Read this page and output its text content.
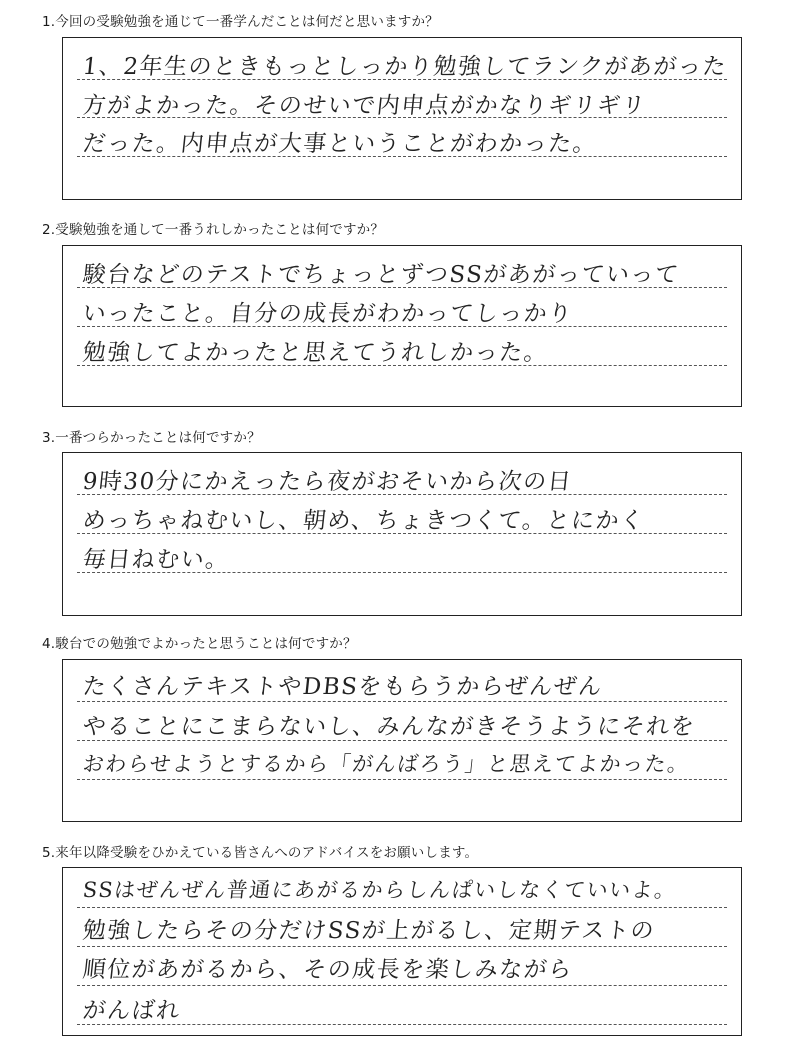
1.今回の受験勉強を通じて一番学んだことは何だと思いますか？
1、2年生のときもっとしっかり勉強してランクがあがった
方がよかった。そのせいで内申点がかなりギリギリ
だった。内申点が大事ということがわかった。
2.受験勉強を通して一番うれしかったことは何ですか？
駿台などのテストでちょっとずつSSがあがっていって
いったこと。自分の成長がわかってしっかり
勉強してよかったと思えてうれしかった。
3.一番つらかったことは何ですか？
9時30分にかえったら夜がおそいから次の日
めっちゃねむいし、朝め、ちょきつくて。とにかく
毎日ねむい。
4.駿台での勉強でよかったと思うことは何ですか？
たくさんテキストやDBSをもらうからぜんぜん
やることにこまらないし、みんながきそうようにそれを
おわらせようとするから「がんばろう」と思えてよかった。
5.来年以降受験をひかえている皆さんへのアドバイスをお願いします。
SSはぜんぜん普通にあがるからしんぱいしなくていいよ。
勉強したらその分だけSSが上がるし、定期テストの
順位があがるから、その成長を楽しみながら
がんばれ
